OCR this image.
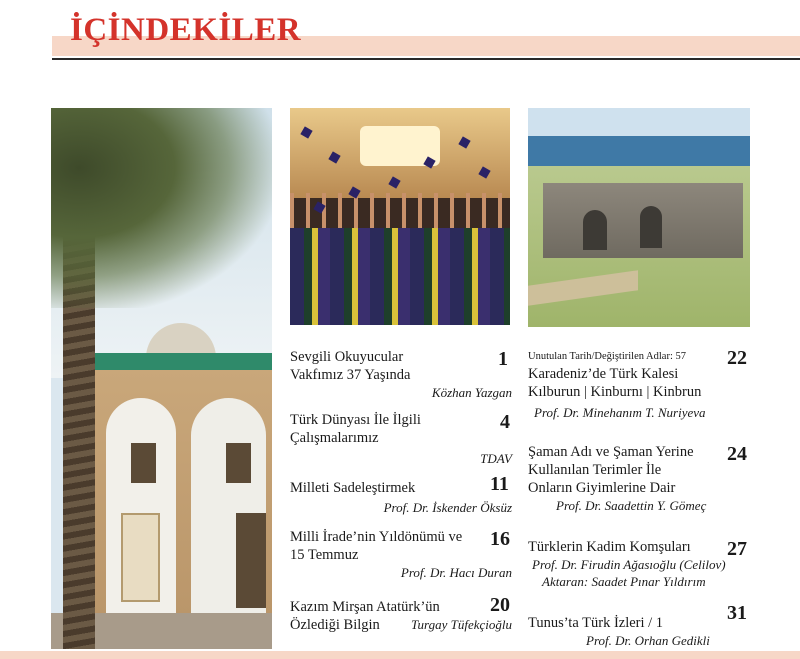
İÇİNDEKİLER

Sevgili Okuyucular

Vakfımız 37 Yaşında

Közhan Yazgan

1

Türk Dünyası İle İlgili

Çalışmalarımız

TDAV

4

Milleti Sadeleştirmek

Prof. Dr. İskender Öksüz

11

Milli İrade’nin Yıldönümü ve

15 Temmuz

Prof. Dr. Hacı Duran

16

Kazım Mirşan Atatürk’ün

Özlediği Bilgin	Turgay Tüfekçioğlu

20

Unutulan Tarih/Değiştirilen Adlar: 57

Karadeniz’de Türk Kalesi

Kılburun | Kinburnı | Kinbrun

Prof. Dr. Minehanım T. Nuriyeva

22

Şaman Adı ve Şaman Yerine

Kullanılan Terimler İle

Onların Giyimlerine Dair

Prof. Dr. Saadettin Y. Gömeç

24

Türklerin Kadim Komşuları

Prof. Dr. Firudin Ağasıoğlu (Celilov)

Aktaran: Saadet Pınar Yıldırım

27

Tunus’ta Türk İzleri / 1

Prof. Dr. Orhan Gedikli

31
